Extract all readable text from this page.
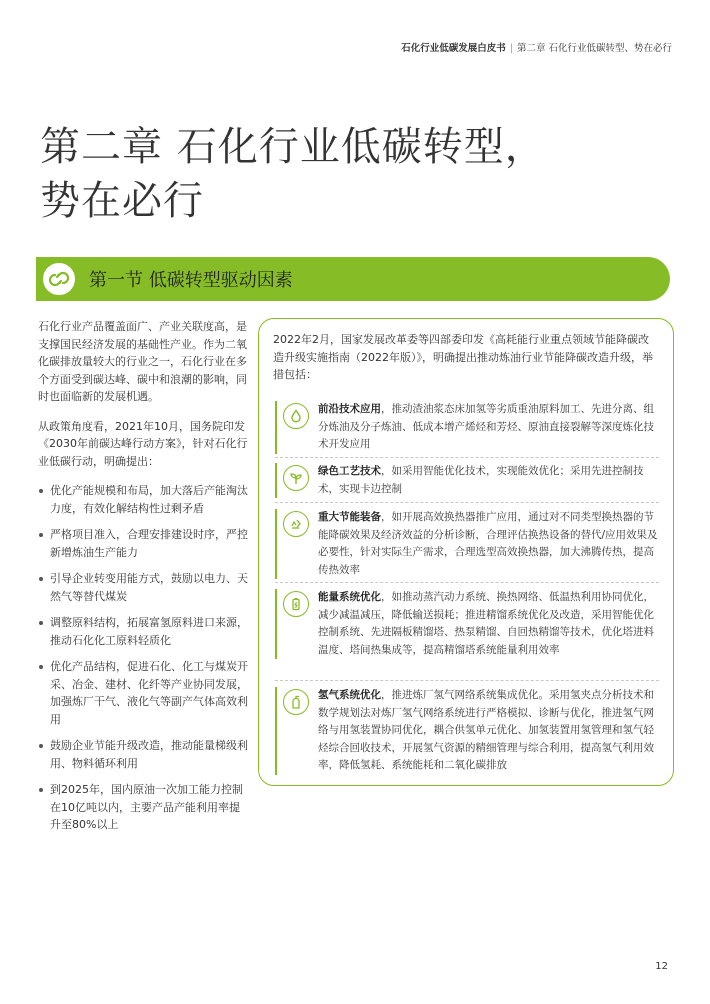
石化行业低碳发展白皮书 | 第二章 石化行业低碳转型、势在必行
第二章 石化行业低碳转型，
势在必行
第一节 低碳转型驱动因素

石化行业产品覆盖面广、产业关联度高，是支撑国民经济发展的基础性产业。作为二氧化碳排放量较大的行业之一，石化行业在多个方面受到碳达峰、碳中和浪潮的影响，同时也面临新的发展机遇。

从政策角度看，2021年10月，国务院印发《2030年前碳达峰行动方案》，针对石化行业低碳行动，明确提出：

优化产能规模和布局，加大落后产能淘汰力度，有效化解结构性过剩矛盾
严格项目准入，合理安排建设时序，严控新增炼油生产能力
引导企业转变用能方式，鼓励以电力、天然气等替代煤炭
调整原料结构，拓展富氢原料进口来源，推动石化化工原料轻质化
优化产品结构，促进石化、化工与煤炭开采、冶金、建材、化纤等产业协同发展，加强炼厂干气、液化气等副产气体高效利用
鼓励企业节能升级改造，推动能量梯级利用、物料循环利用
到2025年，国内原油一次加工能力控制在10亿吨以内，主要产品产能利用率提升至80%以上

2022年2月，国家发展改革委等四部委印发《高耗能行业重点领域节能降碳改造升级实施指南（2022年版）》，明确提出推动炼油行业节能降碳改造升级，举措包括：

前沿技术应用，推动渣油浆态床加氢等劣质重油原料加工、先进分离、组分炼油及分子炼油、低成本增产烯烃和芳烃、原油直接裂解等深度炼化技术开发应用
绿色工艺技术，如采用智能优化技术，实现能效优化；采用先进控制技术，实现卡边控制
重大节能装备，如开展高效换热器推广应用，通过对不同类型换热器的节能降碳效果及经济效益的分析诊断，合理评估换热设备的替代/应用效果及必要性，针对实际生产需求，合理选型高效换热器，加大沸腾传热，提高传热效率
能量系统优化，如推动蒸汽动力系统、换热网络、低温热利用协同优化，减少减温减压，降低输送损耗；推进精馏系统优化及改造，采用智能优化控制系统、先进隔板精馏塔、热泵精馏、自回热精馏等技术，优化塔进料温度、塔间热集成等，提高精馏塔系统能量利用效率
氢气系统优化，推进炼厂氢气网络系统集成优化。采用氢夹点分析技术和数学规划法对炼厂氢气网络系统进行严格模拟、诊断与优化，推进氢气网络与用氢装置协同优化，耦合供氢单元优化、加氢装置用氢管理和氢气轻烃综合回收技术，开展氢气资源的精细管理与综合利用，提高氢气利用效率，降低氢耗、系统能耗和二氧化碳排放
12
